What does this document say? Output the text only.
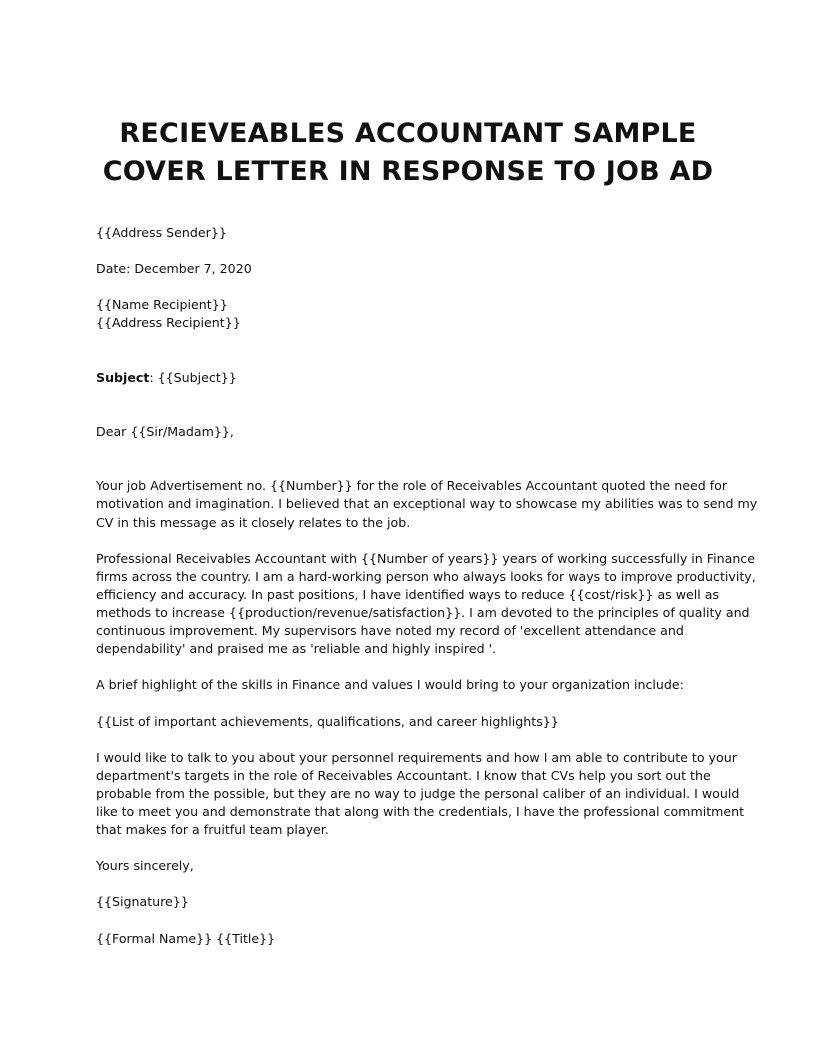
RECIEVEABLES ACCOUNTANT SAMPLE
COVER LETTER IN RESPONSE TO JOB AD
{{Address Sender}}
Date: December 7, 2020
{{Name Recipient}}
{{Address Recipient}}
Subject: {{Subject}}
Dear {{Sir/Madam}},
Your job Advertisement no. {{Number}} for the role of Receivables Accountant quoted the need for
motivation and imagination. I believed that an exceptional way to showcase my abilities was to send my
CV in this message as it closely relates to the job.
Professional Receivables Accountant with {{Number of years}} years of working successfully in Finance
firms across the country. I am a hard-working person who always looks for ways to improve productivity,
efficiency and accuracy. In past positions, I have identified ways to reduce {{cost/risk}} as well as
methods to increase {{production/revenue/satisfaction}}. I am devoted to the principles of quality and
continuous improvement. My supervisors have noted my record of 'excellent attendance and
dependability' and praised me as 'reliable and highly inspired '.
A brief highlight of the skills in Finance and values I would bring to your organization include:
{{List of important achievements, qualifications, and career highlights}}
I would like to talk to you about your personnel requirements and how I am able to contribute to your
department's targets in the role of Receivables Accountant. I know that CVs help you sort out the
probable from the possible, but they are no way to judge the personal caliber of an individual. I would
like to meet you and demonstrate that along with the credentials, I have the professional commitment
that makes for a fruitful team player.
Yours sincerely,
{{Signature}}
{{Formal Name}} {{Title}}
